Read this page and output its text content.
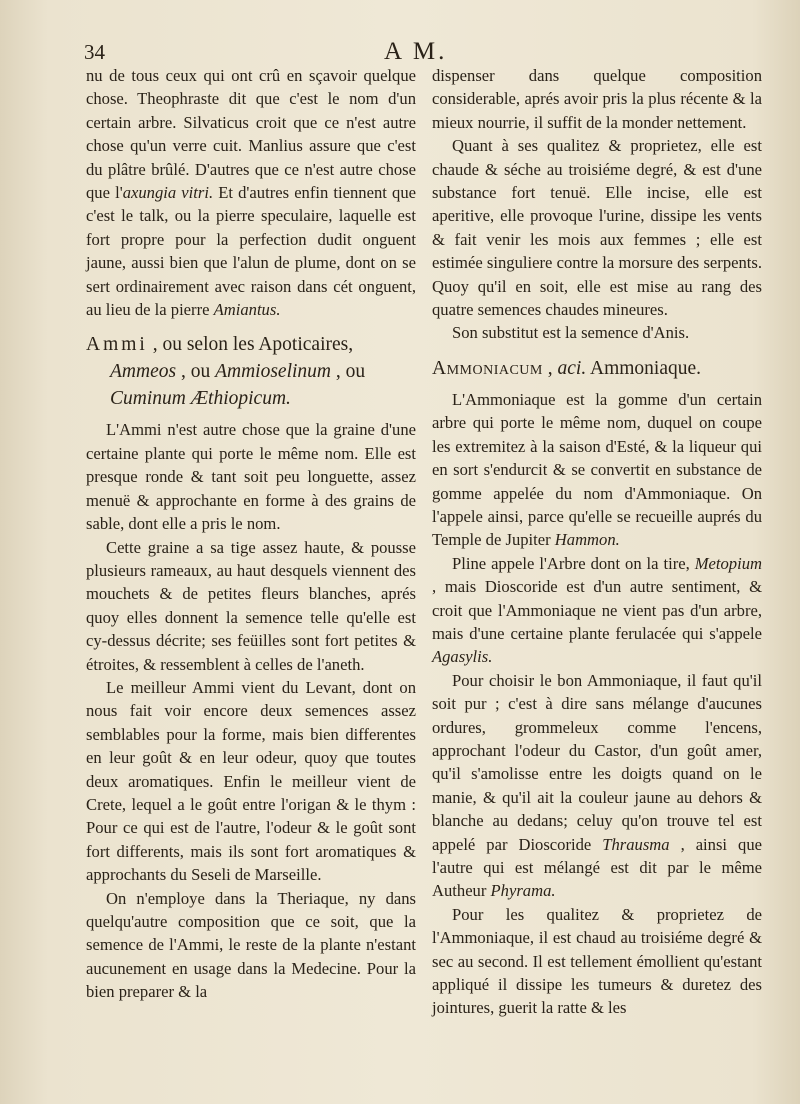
34	A M.

nu de tous ceux qui ont crû en sçavoir quelque chose. Theophraste dit que c'est le nom d'un certain arbre. Silvaticus croit que ce n'est autre chose qu'un verre cuit. Manlius assure que c'est du plâtre brûlé. D'autres que ce n'est autre chose que l'axungia vitri. Et d'autres enfin tiennent que c'est le talk, ou la pierre speculaire, laquelle est fort propre pour la perfection dudit onguent jaune, aussi bien que l'alun de plume, dont on se sert ordinairement avec raison dans cét onguent, au lieu de la pierre Amiantus.

Ammi , ou selon les Apoticaires,
Ammeos , ou Ammioselinum , ou
Cuminum Æthiopicum.

L'Ammi n'est autre chose que la graine d'une certaine plante qui porte le même nom. Elle est presque ronde & tant soit peu longuette, assez menuë & approchante en forme à des grains de sable, dont elle a pris le nom.

Cette graine a sa tige assez haute, & pousse plusieurs rameaux, au haut desquels viennent des mouchets & de petites fleurs blanches, aprés quoy elles donnent la semence telle qu'elle est cy-dessus décrite; ses feüilles sont fort petites & étroites, & ressemblent à celles de l'aneth.

Le meilleur Ammi vient du Levant, dont on nous fait voir encore deux semences assez semblables pour la forme, mais bien differentes en leur goût & en leur odeur, quoy que toutes deux aromatiques. Enfin le meilleur vient de Crete, lequel a le goût entre l'origan & le thym : Pour ce qui est de l'autre, l'odeur & le goût sont fort differents, mais ils sont fort aromatiques & approchants du Seseli de Marseille.

On n'employe dans la Theriaque, ny dans quelqu'autre composition que ce soit, que la semence de l'Ammi, le reste de la plante n'estant aucunement en usage dans la Medecine. Pour la bien preparer & la

dispenser dans quelque composition considerable, aprés avoir pris la plus récente & la mieux nourrie, il suffit de la monder nettement.

Quant à ses qualitez & proprietez, elle est chaude & séche au troisiéme degré, & est d'une substance fort tenuë. Elle incise, elle est aperitive, elle provoque l'urine, dissipe les vents & fait venir les mois aux femmes ; elle est estimée singuliere contre la morsure des serpents. Quoy qu'il en soit, elle est mise au rang des quatre semences chaudes mineures.

Son substitut est la semence d'Anis.

Ammoniacum , aci. Ammoniaque.

L'Ammoniaque est la gomme d'un certain arbre qui porte le même nom, duquel on coupe les extremitez à la saison d'Esté, & la liqueur qui en sort s'endurcit & se convertit en substance de gomme appelée du nom d'Ammoniaque. On l'appele ainsi, parce qu'elle se recueille auprés du Temple de Jupiter Hammon.

Pline appele l'Arbre dont on la tire, Metopium , mais Dioscoride est d'un autre sentiment, & croit que l'Ammoniaque ne vient pas d'un arbre, mais d'une certaine plante ferulacée qui s'appele Agasylis.

Pour choisir le bon Ammoniaque, il faut qu'il soit pur ; c'est à dire sans mélange d'aucunes ordures, grommeleux comme l'encens, approchant l'odeur du Castor, d'un goût amer, qu'il s'amolisse entre les doigts quand on le manie, & qu'il ait la couleur jaune au dehors & blanche au dedans; celuy qu'on trouve tel est appelé par Dioscoride Thrausma , ainsi que l'autre qui est mélangé est dit par le même Autheur Phyrama.

Pour les qualitez & proprietez de l'Ammoniaque, il est chaud au troisiéme degré & sec au second. Il est tellement émollient qu'estant appliqué il dissipe les tumeurs & duretez des jointures, guerit la ratte & les
